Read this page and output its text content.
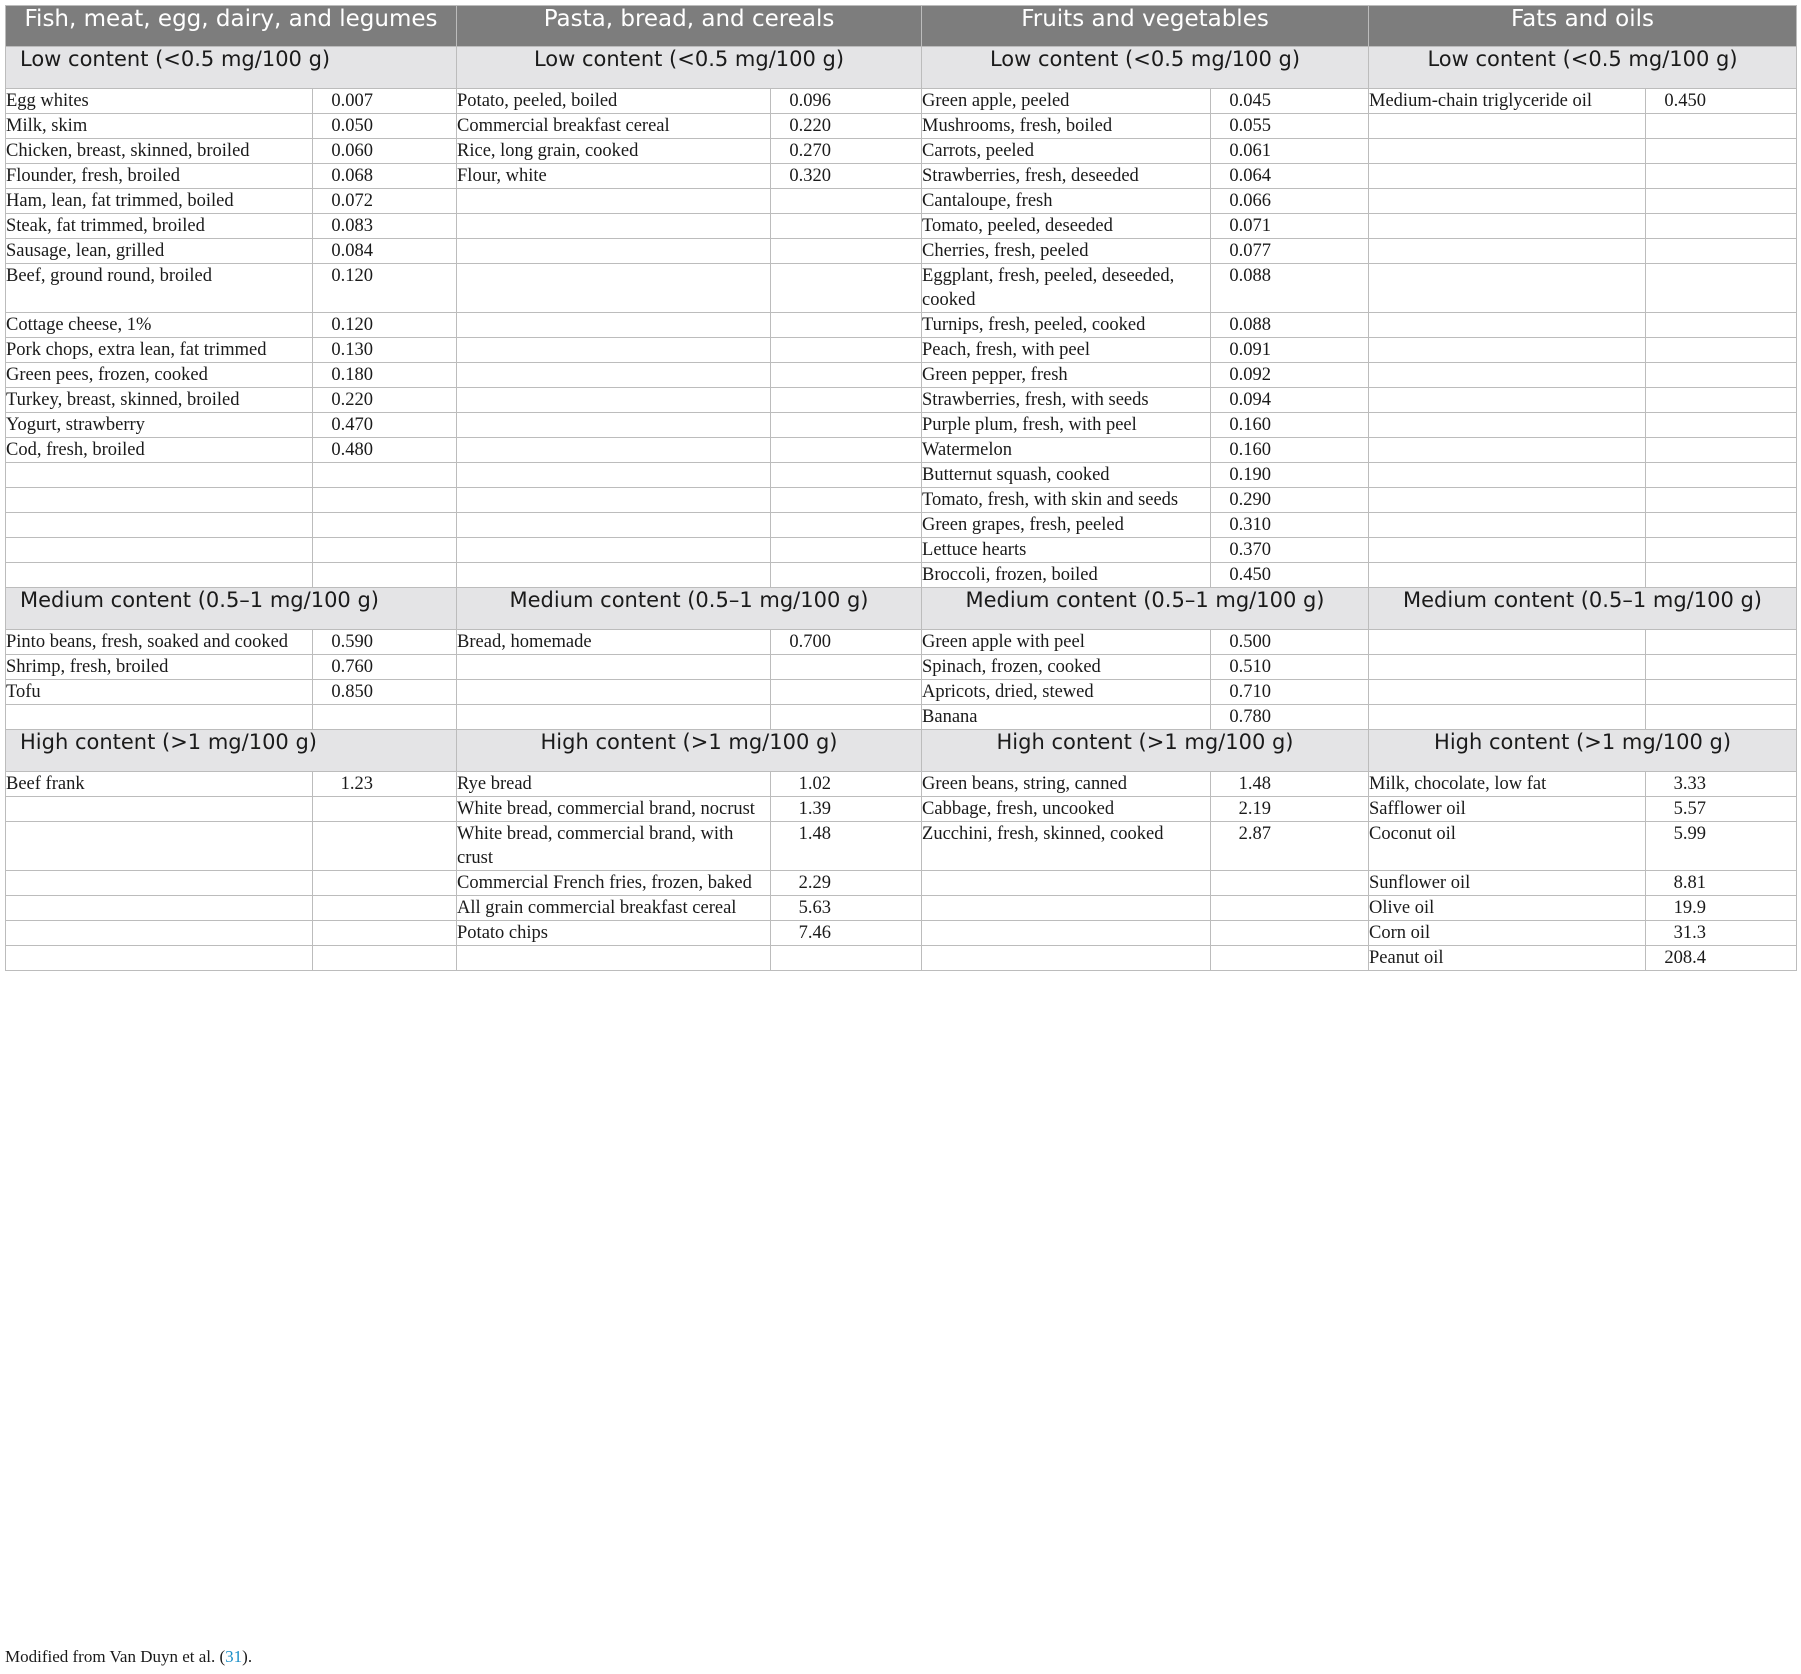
Fish, meat, egg, dairy, and legumes		Pasta, bread, and cereals		Fruits and vegetables		Fats and oils	
Low content (<0.5 mg/100 g)		Low content (<0.5 mg/100 g)		Low content (<0.5 mg/100 g)		Low content (<0.5 mg/100 g)	
Egg whites	0.007	Potato, peeled, boiled	0.096	Green apple, peeled	0.045	Medium-chain triglyceride oil	0.450
Milk, skim	0.050	Commercial breakfast cereal	0.220	Mushrooms, fresh, boiled	0.055		
Chicken, breast, skinned, broiled	0.060	Rice, long grain, cooked	0.270	Carrots, peeled	0.061		
Flounder, fresh, broiled	0.068	Flour, white	0.320	Strawberries, fresh, deseeded	0.064		
Ham, lean, fat trimmed, boiled	0.072			Cantaloupe, fresh	0.066		
Steak, fat trimmed, broiled	0.083			Tomato, peeled, deseeded	0.071		
Sausage, lean, grilled	0.084			Cherries, fresh, peeled	0.077		
Beef, ground round, broiled	0.120			Eggplant, fresh, peeled, deseeded, cooked	0.088		
Cottage cheese, 1%	0.120			Turnips, fresh, peeled, cooked	0.088		
Pork chops, extra lean, fat trimmed	0.130			Peach, fresh, with peel	0.091		
Green pees, frozen, cooked	0.180			Green pepper, fresh	0.092		
Turkey, breast, skinned, broiled	0.220			Strawberries, fresh, with seeds	0.094		
Yogurt, strawberry	0.470			Purple plum, fresh, with peel	0.160		
Cod, fresh, broiled	0.480			Watermelon	0.160		
				Butternut squash, cooked	0.190		
				Tomato, fresh, with skin and seeds	0.290		
				Green grapes, fresh, peeled	0.310		
				Lettuce hearts	0.370		
				Broccoli, frozen, boiled	0.450		
Medium content (0.5–1 mg/100 g)		Medium content (0.5–1 mg/100 g)		Medium content (0.5–1 mg/100 g)		Medium content (0.5–1 mg/100 g)	
Pinto beans, fresh, soaked and cooked	0.590	Bread, homemade	0.700	Green apple with peel	0.500		
Shrimp, fresh, broiled	0.760			Spinach, frozen, cooked	0.510		
Tofu	0.850			Apricots, dried, stewed	0.710		
				Banana	0.780		
High content (>1 mg/100 g)		High content (>1 mg/100 g)		High content (>1 mg/100 g)		High content (>1 mg/100 g)	
Beef frank	1.23	Rye bread	1.02	Green beans, string, canned	1.48	Milk, chocolate, low fat	3.33
		White bread, commercial brand, nocrust	1.39	Cabbage, fresh, uncooked	2.19	Safflower oil	5.57
		White bread, commercial brand, with crust	1.48	Zucchini, fresh, skinned, cooked	2.87	Coconut oil	5.99
		Commercial French fries, frozen, baked	2.29			Sunflower oil	8.81
		All grain commercial breakfast cereal	5.63			Olive oil	19.9
		Potato chips	7.46			Corn oil	31.3
						Peanut oil	208.4
Modified from Van Duyn et al. (31).
